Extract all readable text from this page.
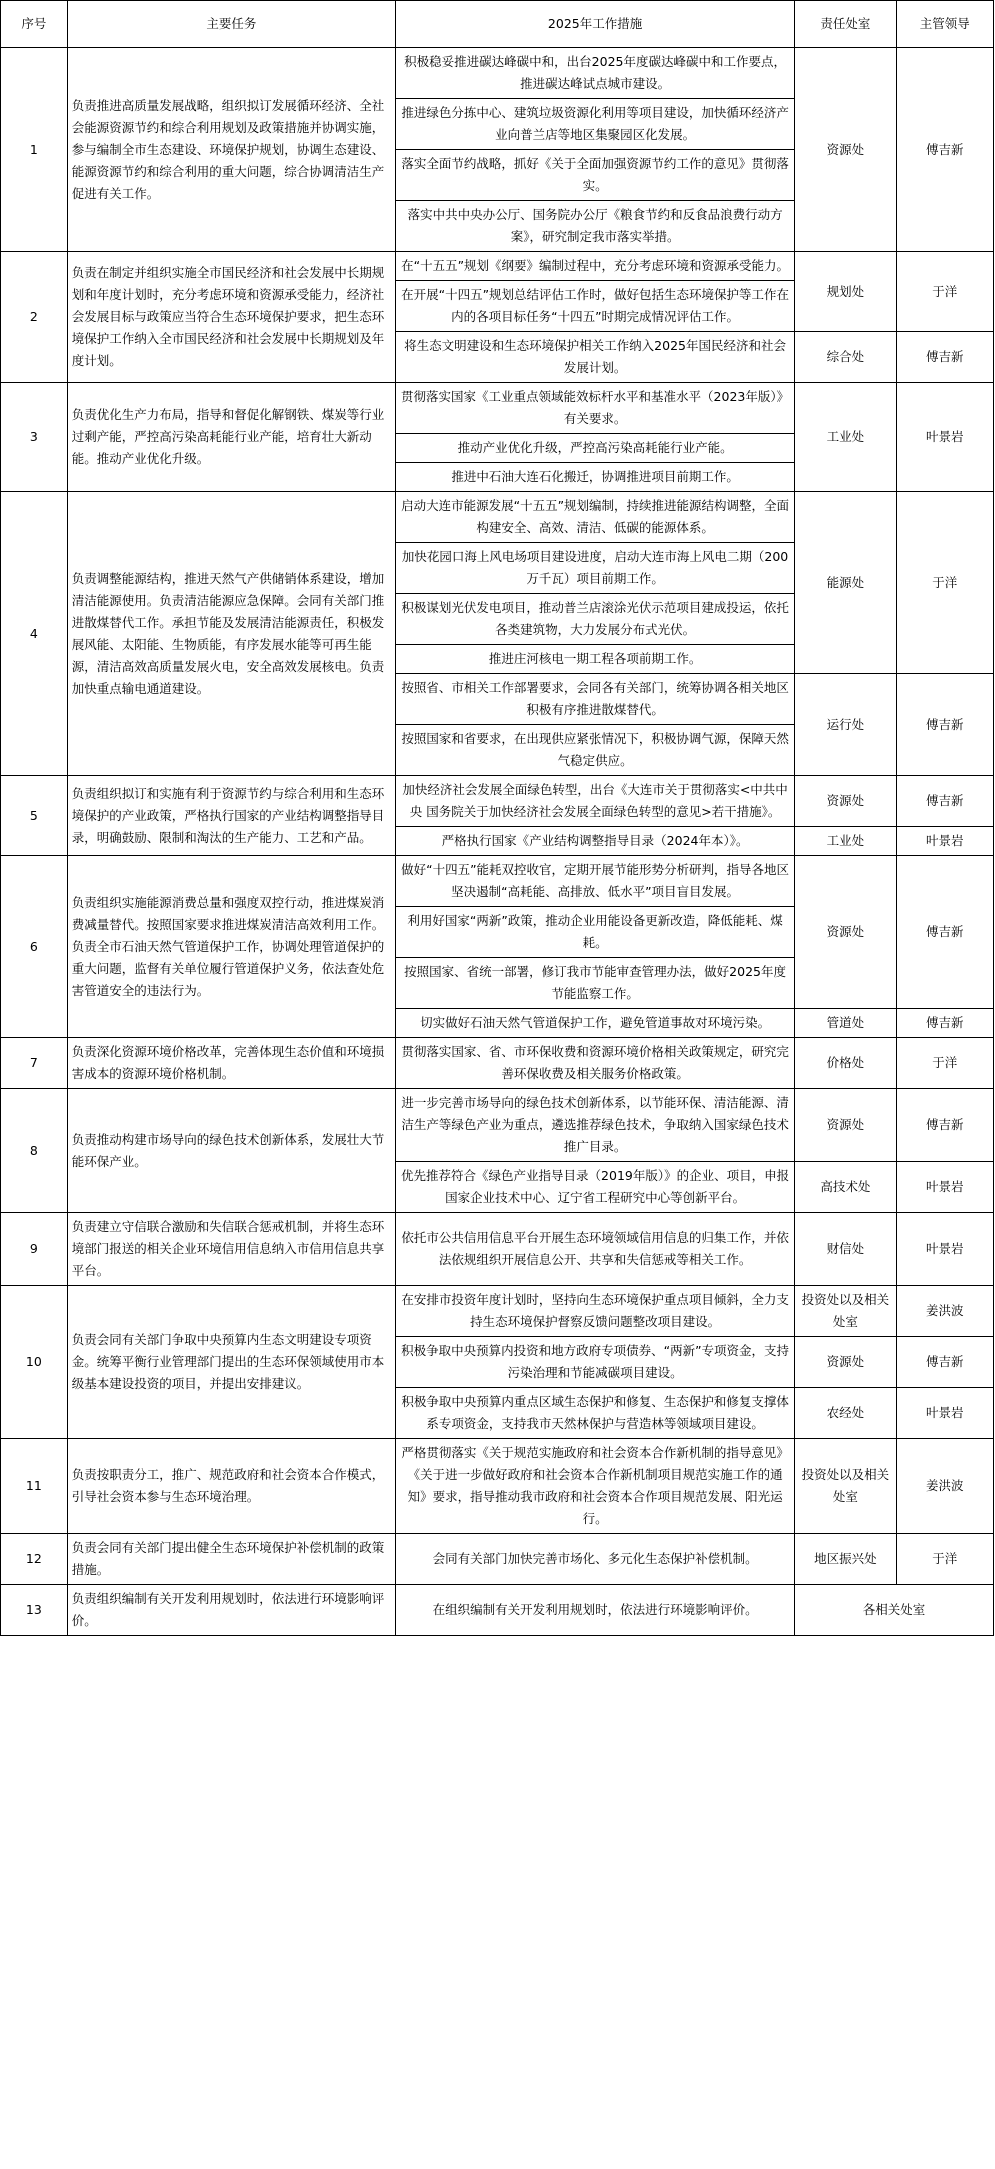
序号	主要任务	2025年工作措施	责任处室	主管领导
1	负责推进高质量发展战略，组织拟订发展循环经济、全社会能源资源节约和综合利用规划及政策措施并协调实施，参与编制全市生态建设、环境保护规划，协调生态建设、能源资源节约和综合利用的重大问题，综合协调清洁生产促进有关工作。	积极稳妥推进碳达峰碳中和，出台2025年度碳达峰碳中和工作要点，推进碳达峰试点城市建设。	资源处	傅吉新
		推进绿色分拣中心、建筑垃圾资源化利用等项目建设，加快循环经济产业向普兰店等地区集聚园区化发展。		
		落实全面节约战略，抓好《关于全面加强资源节约工作的意见》贯彻落实。		
		落实中共中央办公厅、国务院办公厅《粮食节约和反食品浪费行动方案》，研究制定我市落实举措。		
2	负责在制定并组织实施全市国民经济和社会发展中长期规划和年度计划时，充分考虑环境和资源承受能力，经济社会发展目标与政策应当符合生态环境保护要求，把生态环境保护工作纳入全市国民经济和社会发展中长期规划及年度计划。	在“十五五”规划《纲要》编制过程中，充分考虑环境和资源承受能力。	规划处	于洋
		在开展“十四五”规划总结评估工作时，做好包括生态环境保护等工作在内的各项目标任务“十四五”时期完成情况评估工作。		
		将生态文明建设和生态环境保护相关工作纳入2025年国民经济和社会发展计划。	综合处	傅吉新
3	负责优化生产力布局，指导和督促化解钢铁、煤炭等行业过剩产能，严控高污染高耗能行业产能，培育壮大新动能。推动产业优化升级。	贯彻落实国家《工业重点领域能效标杆水平和基准水平（2023年版）》有关要求。	工业处	叶景岩
		推动产业优化升级，严控高污染高耗能行业产能。		
		推进中石油大连石化搬迁，协调推进项目前期工作。		
4	负责调整能源结构，推进天然气产供储销体系建设，增加清洁能源使用。负责清洁能源应急保障。会同有关部门推进散煤替代工作。承担节能及发展清洁能源责任，积极发展风能、太阳能、生物质能，有序发展水能等可再生能源，清洁高效高质量发展火电，安全高效发展核电。负责加快重点输电通道建设。	启动大连市能源发展“十五五”规划编制，持续推进能源结构调整，全面构建安全、高效、清洁、低碳的能源体系。	能源处	于洋
		加快花园口海上风电场项目建设进度，启动大连市海上风电二期（200万千瓦）项目前期工作。		
		积极谋划光伏发电项目，推动普兰店滚涂光伏示范项目建成投运，依托各类建筑物，大力发展分布式光伏。		
		推进庄河核电一期工程各项前期工作。		
		按照省、市相关工作部署要求，会同各有关部门，统筹协调各相关地区积极有序推进散煤替代。	运行处	傅吉新
		按照国家和省要求，在出现供应紧张情况下，积极协调气源，保障天然气稳定供应。		
5	负责组织拟订和实施有利于资源节约与综合利用和生态环境保护的产业政策，严格执行国家的产业结构调整指导目录，明确鼓励、限制和淘汰的生产能力、工艺和产品。	加快经济社会发展全面绿色转型，出台《大连市关于贯彻落实<中共中央 国务院关于加快经济社会发展全面绿色转型的意见>若干措施》。	资源处	傅吉新
		严格执行国家《产业结构调整指导目录（2024年本）》。	工业处	叶景岩
6	负责组织实施能源消费总量和强度双控行动，推进煤炭消费减量替代。按照国家要求推进煤炭清洁高效利用工作。负责全市石油天然气管道保护工作，协调处理管道保护的重大问题，监督有关单位履行管道保护义务，依法查处危害管道安全的违法行为。	做好“十四五”能耗双控收官，定期开展节能形势分析研判，指导各地区坚决遏制“高耗能、高排放、低水平”项目盲目发展。	资源处	傅吉新
		利用好国家“两新”政策，推动企业用能设备更新改造，降低能耗、煤耗。		
		按照国家、省统一部署，修订我市节能审查管理办法，做好2025年度节能监察工作。		
		切实做好石油天然气管道保护工作，避免管道事故对环境污染。	管道处	傅吉新
7	负责深化资源环境价格改革，完善体现生态价值和环境损害成本的资源环境价格机制。	贯彻落实国家、省、市环保收费和资源环境价格相关政策规定，研究完善环保收费及相关服务价格政策。	价格处	于洋
8	负责推动构建市场导向的绿色技术创新体系，发展壮大节能环保产业。	进一步完善市场导向的绿色技术创新体系，以节能环保、清洁能源、清洁生产等绿色产业为重点，遴选推荐绿色技术，争取纳入国家绿色技术推广目录。	资源处	傅吉新
		优先推荐符合《绿色产业指导目录（2019年版）》的企业、项目，申报国家企业技术中心、辽宁省工程研究中心等创新平台。	高技术处	叶景岩
9	负责建立守信联合激励和失信联合惩戒机制，并将生态环境部门报送的相关企业环境信用信息纳入市信用信息共享平台。	依托市公共信用信息平台开展生态环境领域信用信息的归集工作，并依法依规组织开展信息公开、共享和失信惩戒等相关工作。	财信处	叶景岩
10	负责会同有关部门争取中央预算内生态文明建设专项资金。统筹平衡行业管理部门提出的生态环保领域使用市本级基本建设投资的项目，并提出安排建议。	在安排市投资年度计划时，坚持向生态环境保护重点项目倾斜，全力支持生态环境保护督察反馈问题整改项目建设。	投资处以及相关处室	姜洪波
		积极争取中央预算内投资和地方政府专项债券、“两新”专项资金，支持污染治理和节能减碳项目建设。	资源处	傅吉新
		积极争取中央预算内重点区域生态保护和修复、生态保护和修复支撑体系专项资金，支持我市天然林保护与营造林等领域项目建设。	农经处	叶景岩
11	负责按职责分工，推广、规范政府和社会资本合作模式，引导社会资本参与生态环境治理。	严格贯彻落实《关于规范实施政府和社会资本合作新机制的指导意见》《关于进一步做好政府和社会资本合作新机制项目规范实施工作的通知》要求，指导推动我市政府和社会资本合作项目规范发展、阳光运行。	投资处以及相关处室	姜洪波
12	负责会同有关部门提出健全生态环境保护补偿机制的政策措施。	会同有关部门加快完善市场化、多元化生态保护补偿机制。	地区振兴处	于洋
13	负责组织编制有关开发利用规划时，依法进行环境影响评价。	在组织编制有关开发利用规划时，依法进行环境影响评价。	各相关处室	
